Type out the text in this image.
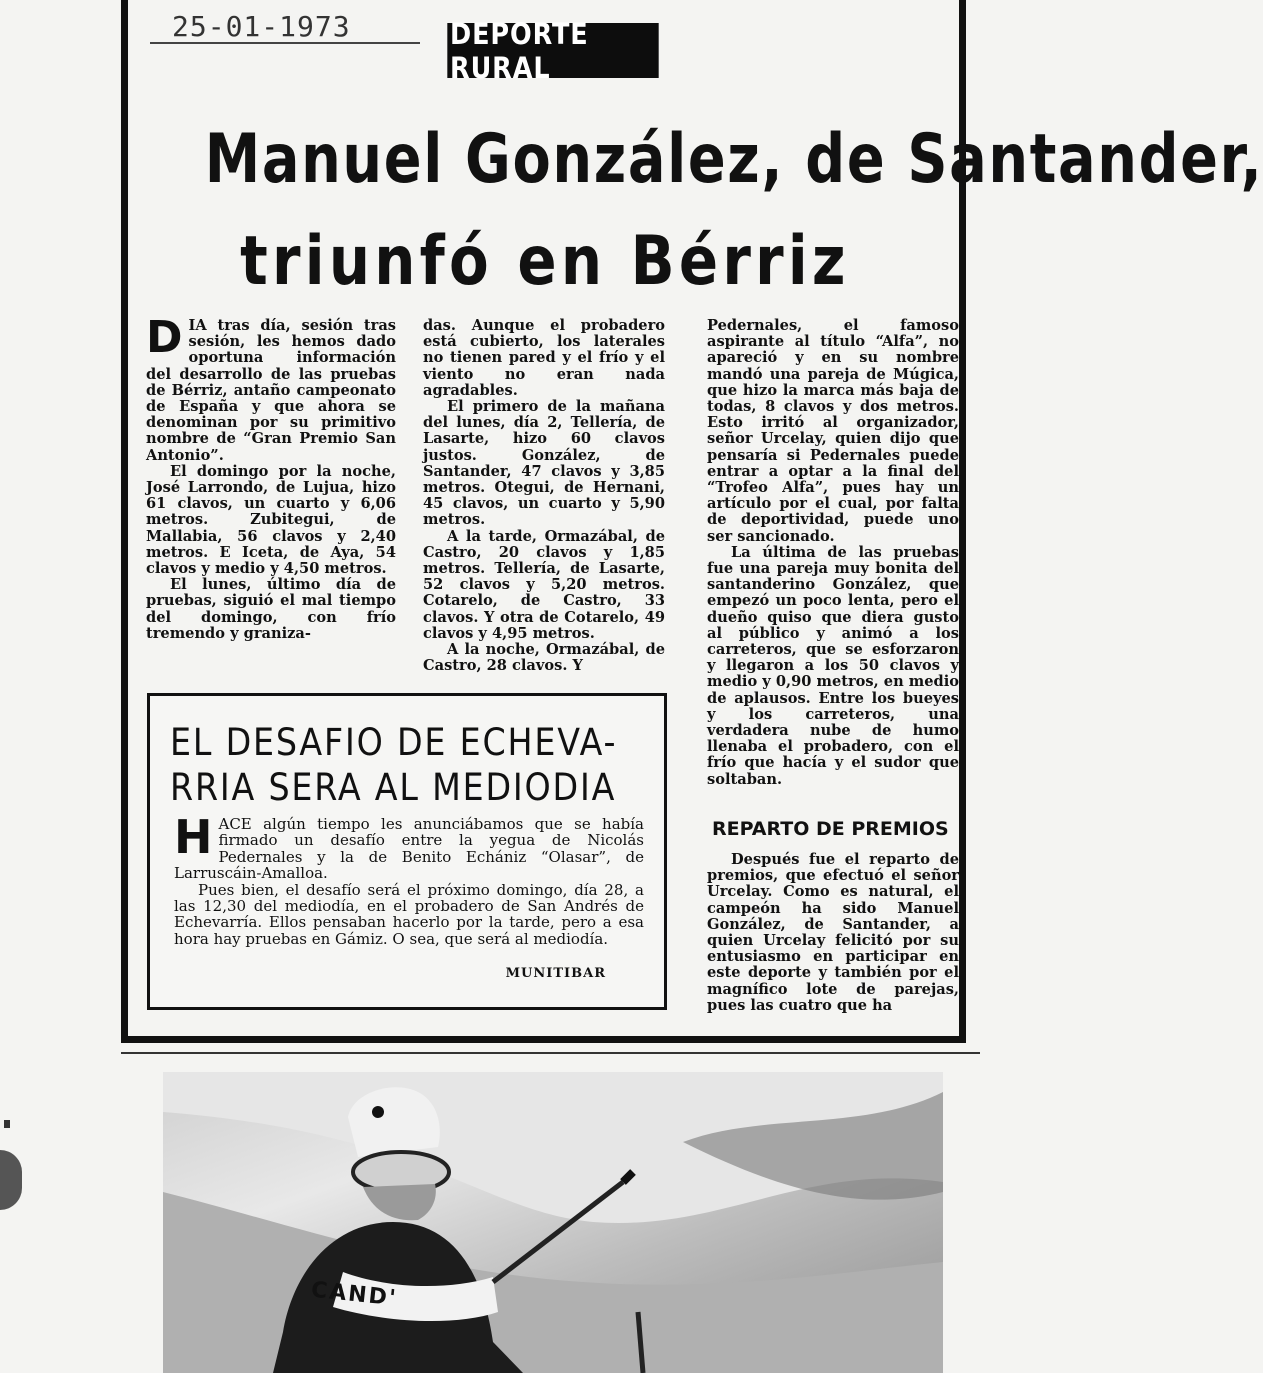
25-01-1973	DEPORTE RURAL
Manuel González, de Santander,
triunfó en Bérriz
D IA tras día, sesión tras sesión, les hemos dado oportuna información del desarrollo de las pruebas de Bérriz, antaño campeonato de España y que ahora se denominan por su primitivo nombre de “Gran Premio San Antonio”.

El domingo por la noche, José Larrondo, de Lujua, hizo 61 clavos, un cuarto y 6,06 metros. Zubitegui, de Mallabia, 56 clavos y 2,40 metros. E Iceta, de Aya, 54 clavos y medio y 4,50 metros.

El lunes, último día de pruebas, siguió el mal tiempo del domingo, con frío tremendo y graniza-

das. Aunque el probadero está cubierto, los laterales no tienen pared y el frío y el viento no eran nada agradables.

El primero de la mañana del lunes, día 2, Tellería, de Lasarte, hizo 60 clavos justos. González, de Santander, 47 clavos y 3,85 metros. Otegui, de Hernani, 45 clavos, un cuarto y 5,90 metros.

A la tarde, Ormazábal, de Castro, 20 clavos y 1,85 metros. Tellería, de Lasarte, 52 clavos y 5,20 metros. Cotarelo, de Castro, 33 clavos. Y otra de Cotarelo, 49 clavos y 4,95 metros.

A la noche, Ormazábal, de Castro, 28 clavos. Y

Pedernales, el famoso aspirante al título “Alfa”, no apareció y en su nombre mandó una pareja de Múgica, que hizo la marca más baja de todas, 8 clavos y dos metros. Esto irritó al organizador, señor Urcelay, quien dijo que pensaría si Pedernales puede entrar a optar a la final del “Trofeo Alfa”, pues hay un artículo por el cual, por falta de deportividad, puede uno ser sancionado.

La última de las pruebas fue una pareja muy bonita del santanderino González, que empezó un poco lenta, pero el dueño quiso que diera gusto al público y animó a los carreteros, que se esforzaron y llegaron a los 50 clavos y medio y 0,90 metros, en medio de aplausos. Entre los bueyes y los carreteros, una verdadera nube de humo llenaba el probadero, con el frío que hacía y el sudor que soltaban.

REPARTO DE PREMIOS

Después fue el reparto de premios, que efectuó el señor Urcelay. Como es natural, el campeón ha sido Manuel González, de Santander, a quien Urcelay felicitó por su entusiasmo en participar en este deporte y también por el magnífico lote de parejas, pues las cuatro que ha

EL DESAFIO DE ECHEVA-
RRIA SERA AL MEDIODIA
H ACE algún tiempo les anunciábamos que se había firmado un desafío entre la yegua de Nicolás Pedernales y la de Benito Echániz “Olasar”, de Larruscáin-Amalloa.

Pues bien, el desafío será el próximo domingo, día 28, a las 12,30 del mediodía, en el probadero de San Andrés de Echevarría. Ellos pensaban hacerlo por la tarde, pero a esa hora hay pruebas en Gámiz. O sea, que será al mediodía.

MUNITIBAR
CAND'
